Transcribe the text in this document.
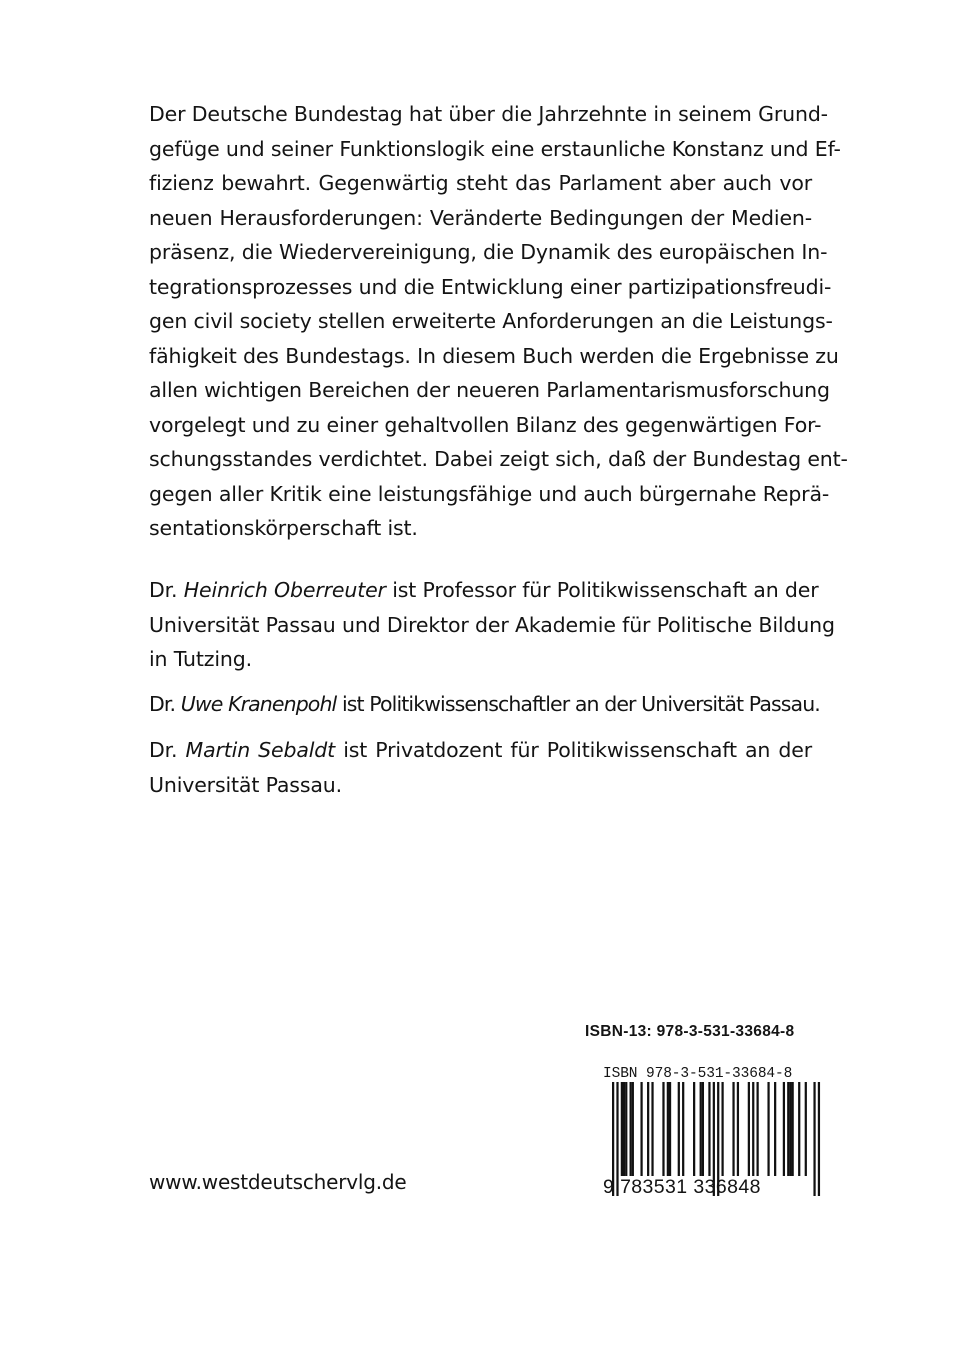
Der Deutsche Bundestag hat über die Jahrzehnte in seinem Grund-
gefüge und seiner Funktionslogik eine erstaunliche Konstanz und Ef-
fizienz bewahrt. Gegenwärtig steht das Parlament aber auch vor
neuen Herausforderungen: Veränderte Bedingungen der Medien-
präsenz, die Wiedervereinigung, die Dynamik des europäischen In-
tegrationsprozesses und die Entwicklung einer partizipationsfreudi-
gen civil society stellen erweiterte Anforderungen an die Leistungs-
fähigkeit des Bundestags. In diesem Buch werden die Ergebnisse zu
allen wichtigen Bereichen der neueren Parlamentarismusforschung
vorgelegt und zu einer gehaltvollen Bilanz des gegenwärtigen For-
schungsstandes verdichtet. Dabei zeigt sich, daß der Bundestag ent-
gegen aller Kritik eine leistungsfähige und auch bürgernahe Reprä-
sentationskörperschaft ist.
Dr. Heinrich Oberreuter ist Professor für Politikwissenschaft an der
Universität Passau und Direktor der Akademie für Politische Bildung
in Tutzing.
Dr. Uwe Kranenpohl ist Politikwissenschaftler an der Universität Passau.
Dr. Martin Sebaldt ist Privatdozent für Politikwissenschaft an der
Universität Passau.
ISBN-13: 978-3-531-33684-8
ISBN 978-3-531-33684-8
9 783531 336848
www.westdeutschervlg.de
